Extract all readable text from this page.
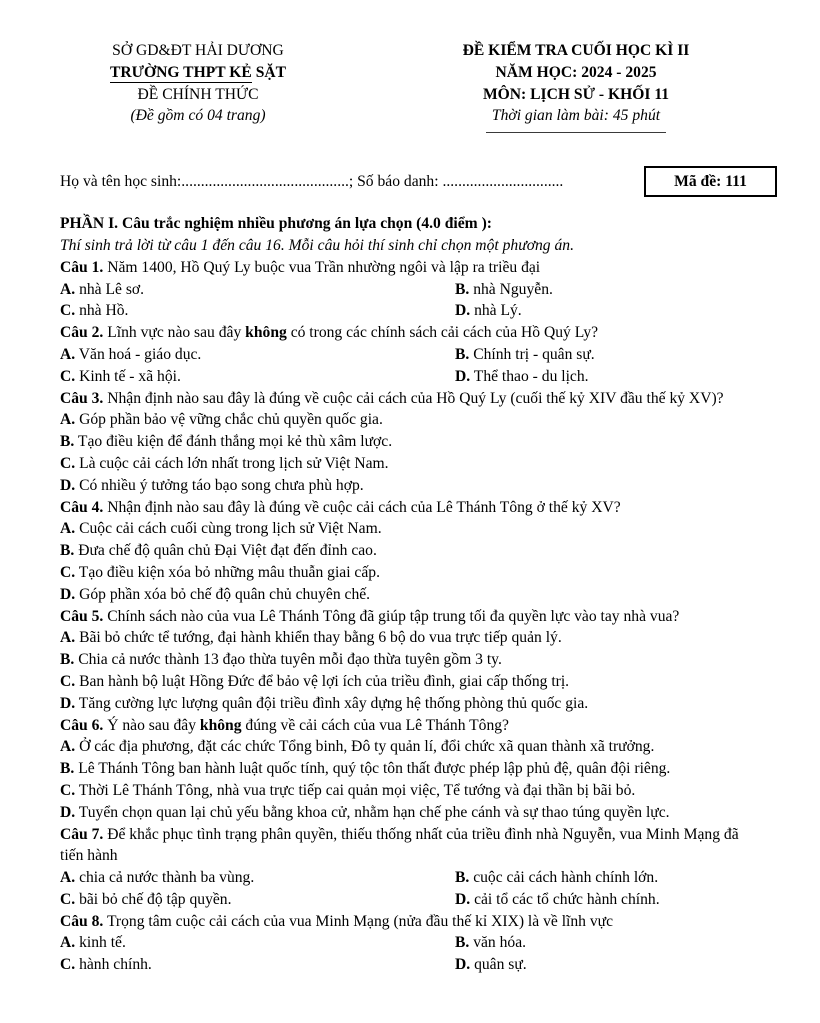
SỞ GD&ĐT HẢI DƯƠNG
TRƯỜNG THPT KẺ SẶT
ĐỀ CHÍNH THỨC
(Đề gồm có 04 trang)
ĐỀ KIỂM TRA CUỐI HỌC KÌ II
NĂM HỌC: 2024 - 2025
MÔN: LỊCH SỬ - KHỐI 11
Thời gian làm bài: 45 phút
Họ và tên học sinh:...........................................; Số báo danh: ...............................	Mã đề: 111
PHẦN I. Câu trắc nghiệm nhiều phương án lựa chọn (4.0 điểm ):
Thí sinh trả lời từ câu 1 đến câu 16. Mỗi câu hỏi thí sinh chỉ chọn một phương án.
Câu 1. Năm 1400, Hồ Quý Ly buộc vua Trần nhường ngôi và lập ra triều đại
A. nhà Lê sơ.	B. nhà Nguyễn.
C. nhà Hồ.	D. nhà Lý.
Câu 2. Lĩnh vực nào sau đây không có trong các chính sách cải cách của Hồ Quý Ly?
A. Văn hoá - giáo dục.	B. Chính trị - quân sự.
C. Kinh tế - xã hội.	D. Thể thao - du lịch.
Câu 3. Nhận định nào sau đây là đúng về cuộc cải cách của Hồ Quý Ly (cuối thế kỷ XIV đầu thế kỷ XV)?
A. Góp phần bảo vệ vững chắc chủ quyền quốc gia.
B. Tạo điều kiện để đánh thắng mọi kẻ thù xâm lược.
C. Là cuộc cải cách lớn nhất trong lịch sử Việt Nam.
D. Có nhiều ý tưởng táo bạo song chưa phù hợp.
Câu 4. Nhận định nào sau đây là đúng về cuộc cải cách của Lê Thánh Tông ở thế kỷ XV?
A. Cuộc cải cách cuối cùng trong lịch sử Việt Nam.
B. Đưa chế độ quân chủ Đại Việt đạt đến đỉnh cao.
C. Tạo điều kiện xóa bỏ những mâu thuẫn giai cấp.
D. Góp phần xóa bỏ chế độ quân chủ chuyên chế.
Câu 5. Chính sách nào của vua Lê Thánh Tông đã giúp tập trung tối đa quyền lực vào tay nhà vua?
A. Bãi bỏ chức tể tướng, đại hành khiển thay bằng 6 bộ do vua trực tiếp quản lý.
B. Chia cả nước thành 13 đạo thừa tuyên mỗi đạo thừa tuyên gồm 3 ty.
C. Ban hành bộ luật Hồng Đức để bảo vệ lợi ích của triều đình, giai cấp thống trị.
D. Tăng cường lực lượng quân đội triều đình xây dựng hệ thống phòng thủ quốc gia.
Câu 6. Ý nào sau đây không đúng về cải cách của vua Lê Thánh Tông?
A. Ở các địa phương, đặt các chức Tổng binh, Đô ty quản lí, đổi chức xã quan thành xã trưởng.
B. Lê Thánh Tông ban hành luật quốc tính, quý tộc tôn thất được phép lập phủ đệ, quân đội riêng.
C. Thời Lê Thánh Tông, nhà vua trực tiếp cai quản mọi việc, Tể tướng và đại thần bị bãi bỏ.
D. Tuyển chọn quan lại chủ yếu bằng khoa cử, nhằm hạn chế phe cánh và sự thao túng quyền lực.
Câu 7. Để khắc phục tình trạng phân quyền, thiếu thống nhất của triều đình nhà Nguyễn, vua Minh Mạng đã tiến hành
A. chia cả nước thành ba vùng.	B. cuộc cải cách hành chính lớn.
C. bãi bỏ chế độ tập quyền.	D. cải tổ các tổ chức hành chính.
Câu 8. Trọng tâm cuộc cải cách của vua Minh Mạng (nửa đầu thế kỉ XIX) là về lĩnh vực
A. kinh tế.	B. văn hóa.
C. hành chính.	D. quân sự.
